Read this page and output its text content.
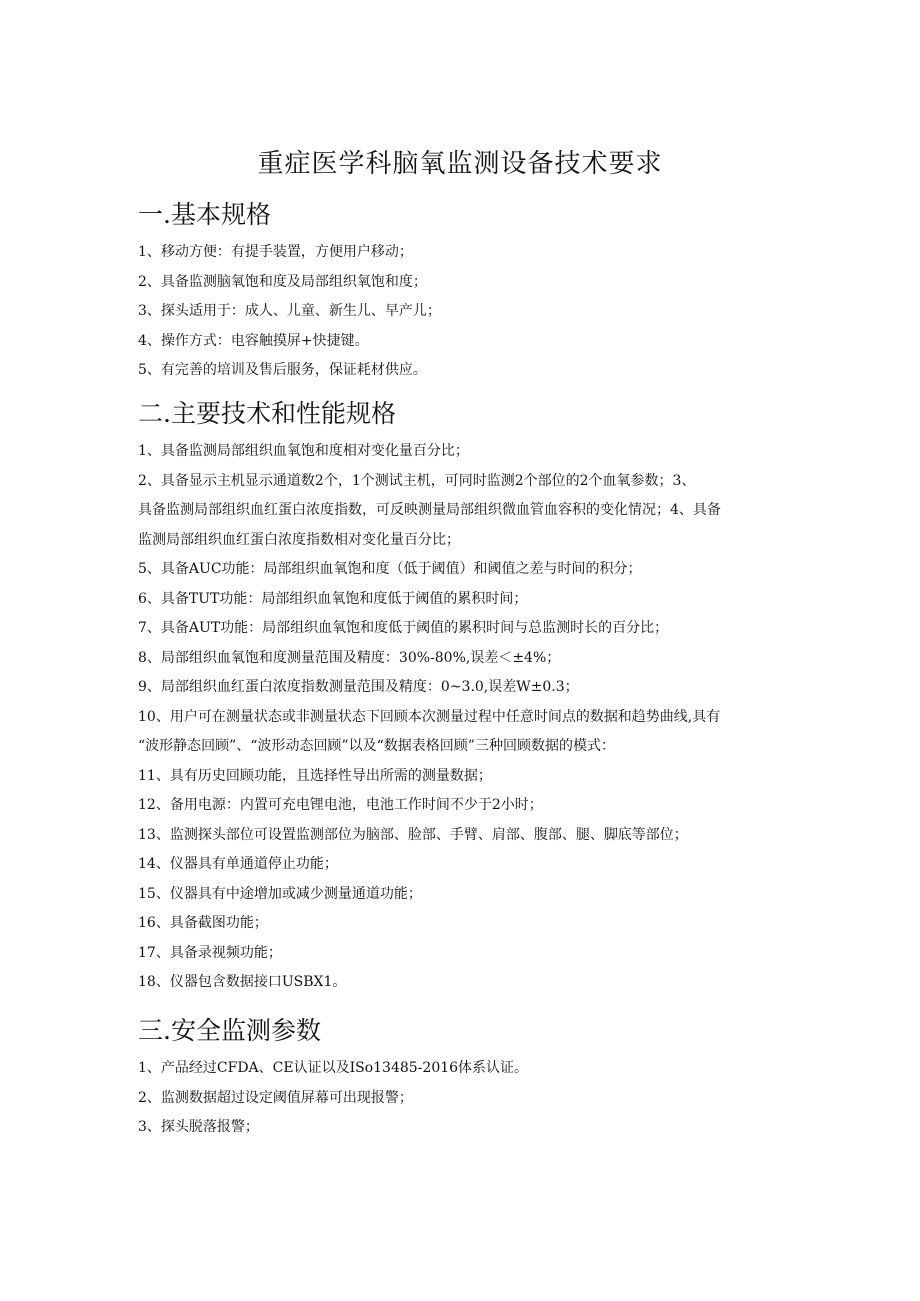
重症医学科脑氧监测设备技术要求
一.基本规格

1、移动方便：有提手装置，方便用户移动；

2、具备监测脑氧饱和度及局部组织氧饱和度；

3、探头适用于：成人、儿童、新生儿、早产儿；

4、操作方式：电容触摸屏+快捷键。

5、有完善的培训及售后服务，保证耗材供应。

二.主要技术和性能规格

1、具备监测局部组织血氧饱和度相对变化量百分比；

2、具备显示主机显示通道数2个，1个测试主机，可同时监测2个部位的2个血氧参数；3、

具备监测局部组织血红蛋白浓度指数，可反映测量局部组织微血管血容积的变化情况；4、具备

监测局部组织血红蛋白浓度指数相对变化量百分比；

5、具备AUC功能：局部组织血氧饱和度（低于阈值）和阈值之差与时间的积分；

6、具备TUT功能：局部组织血氧饱和度低于阈值的累积时间；

7、具备AUT功能：局部组织血氧饱和度低于阈值的累积时间与总监测时长的百分比；

8、局部组织血氧饱和度测量范围及精度：30%-80%,误差＜±4%；

9、局部组织血红蛋白浓度指数测量范围及精度：0~3.0,误差W±0.3；

10、用户可在测量状态或非测量状态下回顾本次测量过程中任意时间点的数据和趋势曲线,具有

“波形静态回顾”、“波形动态回顾”以及“数据表格回顾”三种回顾数据的模式：

11、具有历史回顾功能，且选择性导出所需的测量数据；

12、备用电源：内置可充电锂电池，电池工作时间不少于2小时；

13、监测探头部位可设置监测部位为脑部、脸部、手臂、肩部、腹部、腿、脚底等部位；

14、仪器具有单通道停止功能；

15、仪器具有中途增加或减少测量通道功能；

16、具备截图功能；

17、具备录视频功能；

18、仪器包含数据接口USBX1。

三.安全监测参数

1、产品经过CFDA、CE认证以及ISo13485-2016体系认证。

2、监测数据超过设定阈值屏幕可出现报警；

3、探头脱落报警；
